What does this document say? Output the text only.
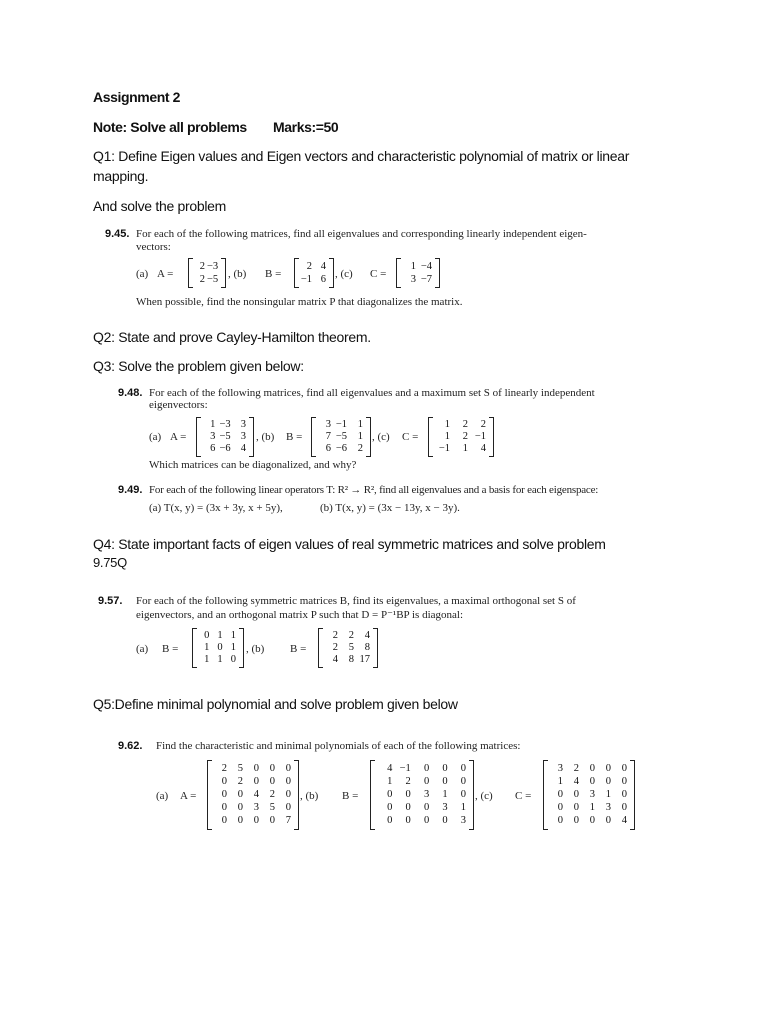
Assignment 2
Note: Solve all problems Marks:=50
Q1: Define Eigen values and Eigen vectors and characteristic polynomial of matrix or linear
mapping.
And solve the problem
9.45. For each of the following matrices, find all eigenvalues and corresponding linearly independent eigen-
vectors:
(a) A =
2 −3
2 −5 , (b) B =
2 4
−1 6 , (c) C =
1 −4
3 −7
When possible, find the nonsingular matrix P that diagonalizes the matrix.
Q2: State and prove Cayley-Hamilton theorem.
Q3: Solve the problem given below:
9.48. For each of the following matrices, find all eigenvalues and a maximum set S of linearly independent
eigenvectors:
(a) A =
1 −3 3
3 −5 3
6 −6 4
, (b) B =
3 −1	1
7 −5	1
6 −6	2
, (c) C =
1	2	2
1	2 −1
−1	1	4
Which matrices can be diagonalized, and why?
9.49. For each of the following linear operators T: R² → R², find all eigenvalues and a basis for each eigenspace:
(a) T(x, y) = (3x + 3y, x + 5y),	(b) T(x, y) = (3x − 13y, x − 3y).
Q4: State important facts of eigen values of real symmetric matrices and solve problem
9.75Q
9.57. For each of the following symmetric matrices B, find its eigenvalues, a maximal orthogonal set S of
eigenvectors, and an orthogonal matrix P such that D = P⁻¹BP is diagonal:
(a) B =
0 1 1
1 0 1
1 1 0
, (b) B =
2	2	4
2	5	8
4	8 17
Q5:Define minimal polynomial and solve problem given below
9.62. Find the characteristic and minimal polynomials of each of the following matrices:
(a) A =
2	5	0	0	0
0	2	0	0	0
0	0	4	2	0
0	0	3	5	0
0	0	0	0	7
, (b) B =
4 −1	0	0	0
1	2	0	0	0
0	0	3	1	0
0	0	0	3	1
0	0	0	0	3
, (c) C =
3	2	0	0	0
1	4	0	0	0
0	0	3	1	0
0	0	1	3	0
0	0	0	0	4
